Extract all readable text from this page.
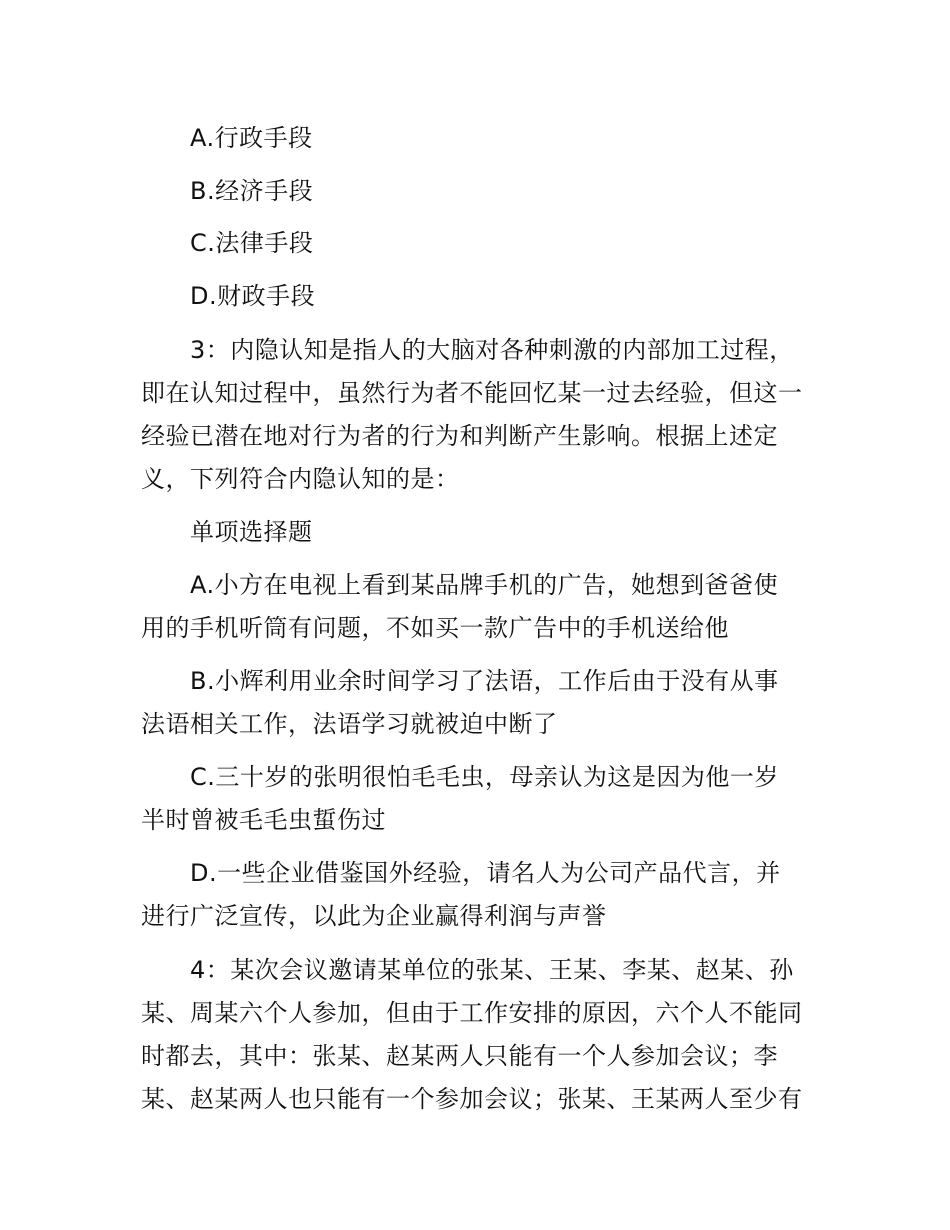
A.行政手段
B.经济手段
C.法律手段
D.财政手段
3：内隐认知是指人的大脑对各种刺激的内部加工过程，
即在认知过程中，虽然行为者不能回忆某一过去经验，但这一
经验已潜在地对行为者的行为和判断产生影响。根据上述定
义，下列符合内隐认知的是：
单项选择题
A.小方在电视上看到某品牌手机的广告，她想到爸爸使
用的手机听筒有问题，不如买一款广告中的手机送给他
B.小辉利用业余时间学习了法语，工作后由于没有从事
法语相关工作，法语学习就被迫中断了
C.三十岁的张明很怕毛毛虫，母亲认为这是因为他一岁
半时曾被毛毛虫蜇伤过
D.一些企业借鉴国外经验，请名人为公司产品代言，并
进行广泛宣传，以此为企业赢得利润与声誉
4：某次会议邀请某单位的张某、王某、李某、赵某、孙
某、周某六个人参加，但由于工作安排的原因，六个人不能同
时都去，其中：张某、赵某两人只能有一个人参加会议；李
某、赵某两人也只能有一个参加会议；张某、王某两人至少有
